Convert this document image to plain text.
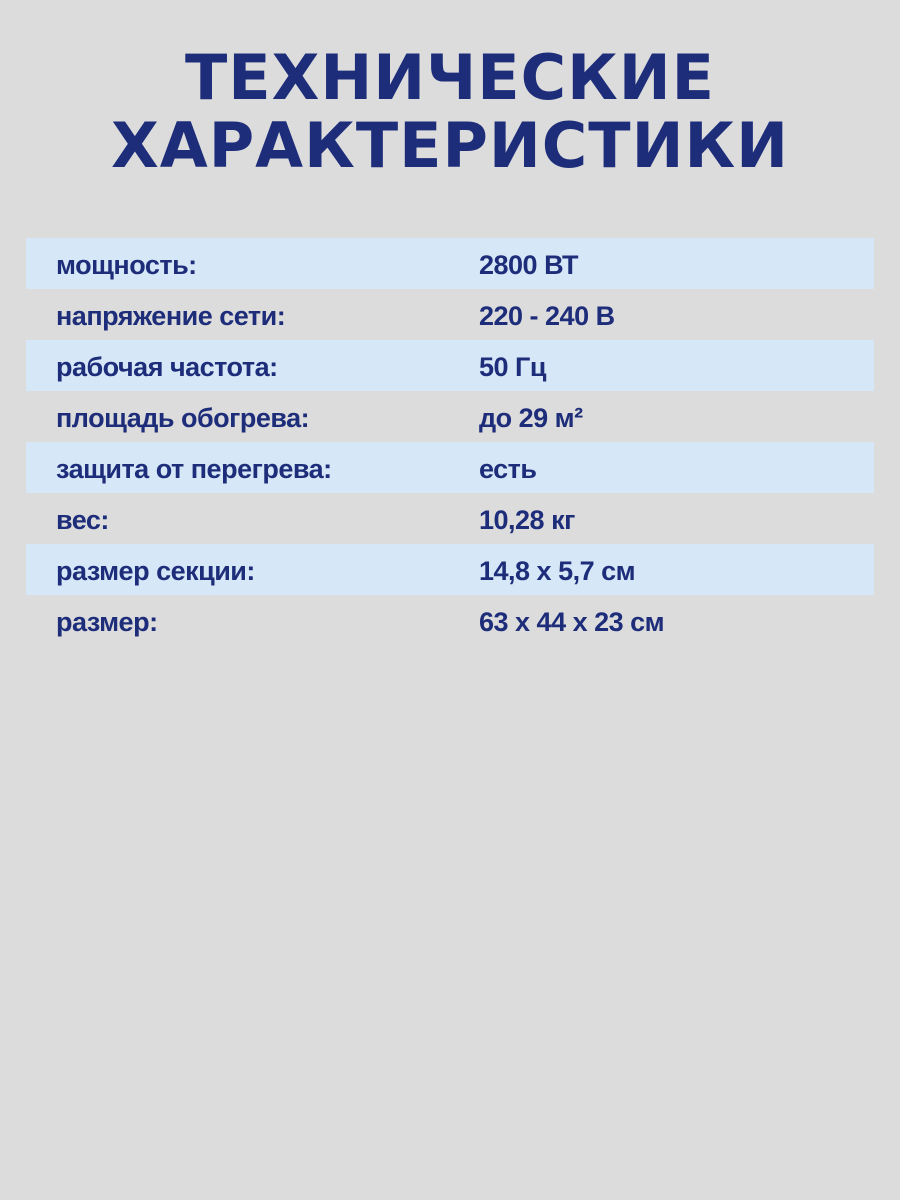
ТЕХНИЧЕСКИЕ
ХАРАКТЕРИСТИКИ
мощность:	2800 ВТ
напряжение сети:	220 - 240 В
рабочая частота:	50 Гц
площадь обогрева:	до 29 м²
защита от перегрева:	есть
вес:	10,28 кг
размер секции:	14,8 х 5,7 см
размер:	63 х 44 х 23 см
